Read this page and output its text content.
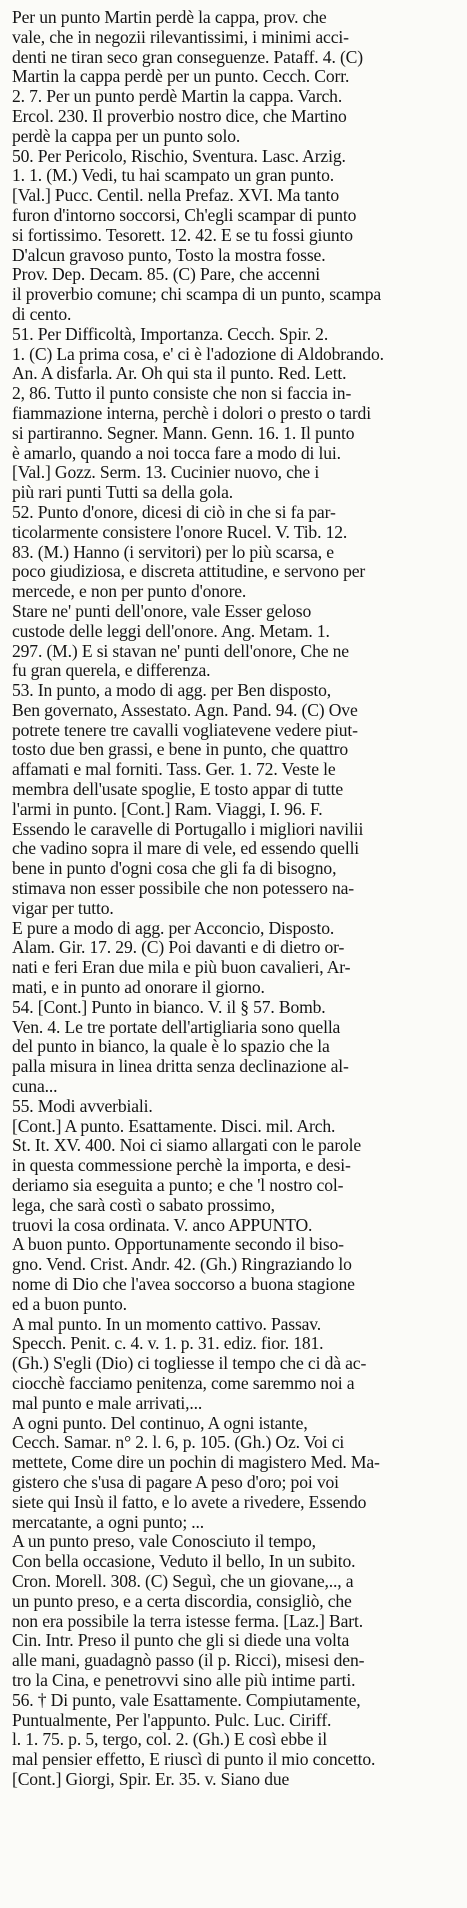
Per un punto Martin perdè la cappa, prov. che
vale, che in negozii rilevantissimi, i minimi acci-
denti ne tiran seco gran conseguenze. Pataff. 4. (C)
Martin la cappa perdè per un punto. Cecch. Corr.
2. 7. Per un punto perdè Martin la cappa. Varch.
Ercol. 230. Il proverbio nostro dice, che Martino
perdè la cappa per un punto solo.
50. Per Pericolo, Rischio, Sventura. Lasc. Arzig.
1. 1. (M.) Vedi, tu hai scampato un gran punto.
[Val.] Pucc. Centil. nella Prefaz. XVI. Ma tanto
furon d'intorno soccorsi, Ch'egli scampar di punto
si fortissimo. Tesorett. 12. 42. E se tu fossi giunto
D'alcun gravoso punto, Tosto la mostra fosse.
Prov. Dep. Decam. 85. (C) Pare, che accenni
il proverbio comune; chi scampa di un punto, scampa
di cento.
51. Per Difficoltà, Importanza. Cecch. Spir. 2.
1. (C) La prima cosa, e' ci è l'adozione di Aldobrando.
An. A disfarla. Ar. Oh qui sta il punto. Red. Lett.
2, 86. Tutto il punto consiste che non si faccia in-
fiammazione interna, perchè i dolori o presto o tardi
si partiranno. Segner. Mann. Genn. 16. 1. Il punto
è amarlo, quando a noi tocca fare a modo di lui.
[Val.] Gozz. Serm. 13. Cucinier nuovo, che i
più rari punti Tutti sa della gola.
52. Punto d'onore, dicesi di ciò in che si fa par-
ticolarmente consistere l'onore Rucel. V. Tib. 12.
83. (M.) Hanno (i servitori) per lo più scarsa, e
poco giudiziosa, e discreta attitudine, e servono per
mercede, e non per punto d'onore.
Stare ne' punti dell'onore, vale Esser geloso
custode delle leggi dell'onore. Ang. Metam. 1.
297. (M.) E si stavan ne' punti dell'onore, Che ne
fu gran querela, e differenza.
53. In punto, a modo di agg. per Ben disposto,
Ben governato, Assestato. Agn. Pand. 94. (C) Ove
potrete tenere tre cavalli vogliatevene vedere piut-
tosto due ben grassi, e bene in punto, che quattro
affamati e mal forniti. Tass. Ger. 1. 72. Veste le
membra dell'usate spoglie, E tosto appar di tutte
l'armi in punto. [Cont.] Ram. Viaggi, I. 96. F.
Essendo le caravelle di Portugallo i migliori navilii
che vadino sopra il mare di vele, ed essendo quelli
bene in punto d'ogni cosa che gli fa di bisogno,
stimava non esser possibile che non potessero na-
vigar per tutto.
E pure a modo di agg. per Acconcio, Disposto.
Alam. Gir. 17. 29. (C) Poi davanti e di dietro or-
nati e feri Eran due mila e più buon cavalieri, Ar-
mati, e in punto ad onorare il giorno.
54. [Cont.] Punto in bianco. V. il § 57. Bomb.
Ven. 4. Le tre portate dell'artigliaria sono quella
del punto in bianco, la quale è lo spazio che la
palla misura in linea dritta senza declinazione al-
cuna...
55. Modi avverbiali.
[Cont.] A punto. Esattamente. Disci. mil. Arch.
St. It. XV. 400. Noi ci siamo allargati con le parole
in questa commessione perchè la importa, e desi-
deriamo sia eseguita a punto; e che 'l nostro col-
lega, che sarà costì o sabato prossimo,
truovi la cosa ordinata. V. anco APPUNTO.
A buon punto. Opportunamente secondo il biso-
gno. Vend. Crist. Andr. 42. (Gh.) Ringraziando lo
nome di Dio che l'avea soccorso a buona stagione
ed a buon punto.
A mal punto. In un momento cattivo. Passav.
Specch. Penit. c. 4. v. 1. p. 31. ediz. fior. 181.
(Gh.) S'egli (Dio) ci togliesse il tempo che ci dà ac-
ciocchè facciamo penitenza, come saremmo noi a
mal punto e male arrivati,...
A ogni punto. Del continuo, A ogni istante,
Cecch. Samar. n° 2. l. 6, p. 105. (Gh.) Oz. Voi ci
mettete, Come dire un pochin di magistero Med. Ma-
gistero che s'usa di pagare A peso d'oro; poi voi
siete qui Insù il fatto, e lo avete a rivedere, Essendo
mercatante, a ogni punto; ...
A un punto preso, vale Conosciuto il tempo,
Con bella occasione, Veduto il bello, In un subito.
Cron. Morell. 308. (C) Seguì, che un giovane,.., a
un punto preso, e a certa discordia, consigliò, che
non era possibile la terra istesse ferma. [Laz.] Bart.
Cin. Intr. Preso il punto che gli si diede una volta
alle mani, guadagnò passo (il p. Ricci), misesi den-
tro la Cina, e penetrovvi sino alle più intime parti.
56. † Di punto, vale Esattamente. Compiutamente,
Puntualmente, Per l'appunto. Pulc. Luc. Ciriff.
l. 1. 75. p. 5, tergo, col. 2. (Gh.) E così ebbe il
mal pensier effetto, E riuscì di punto il mio concetto.
[Cont.] Giorgi, Spir. Er. 35. v. Siano due
